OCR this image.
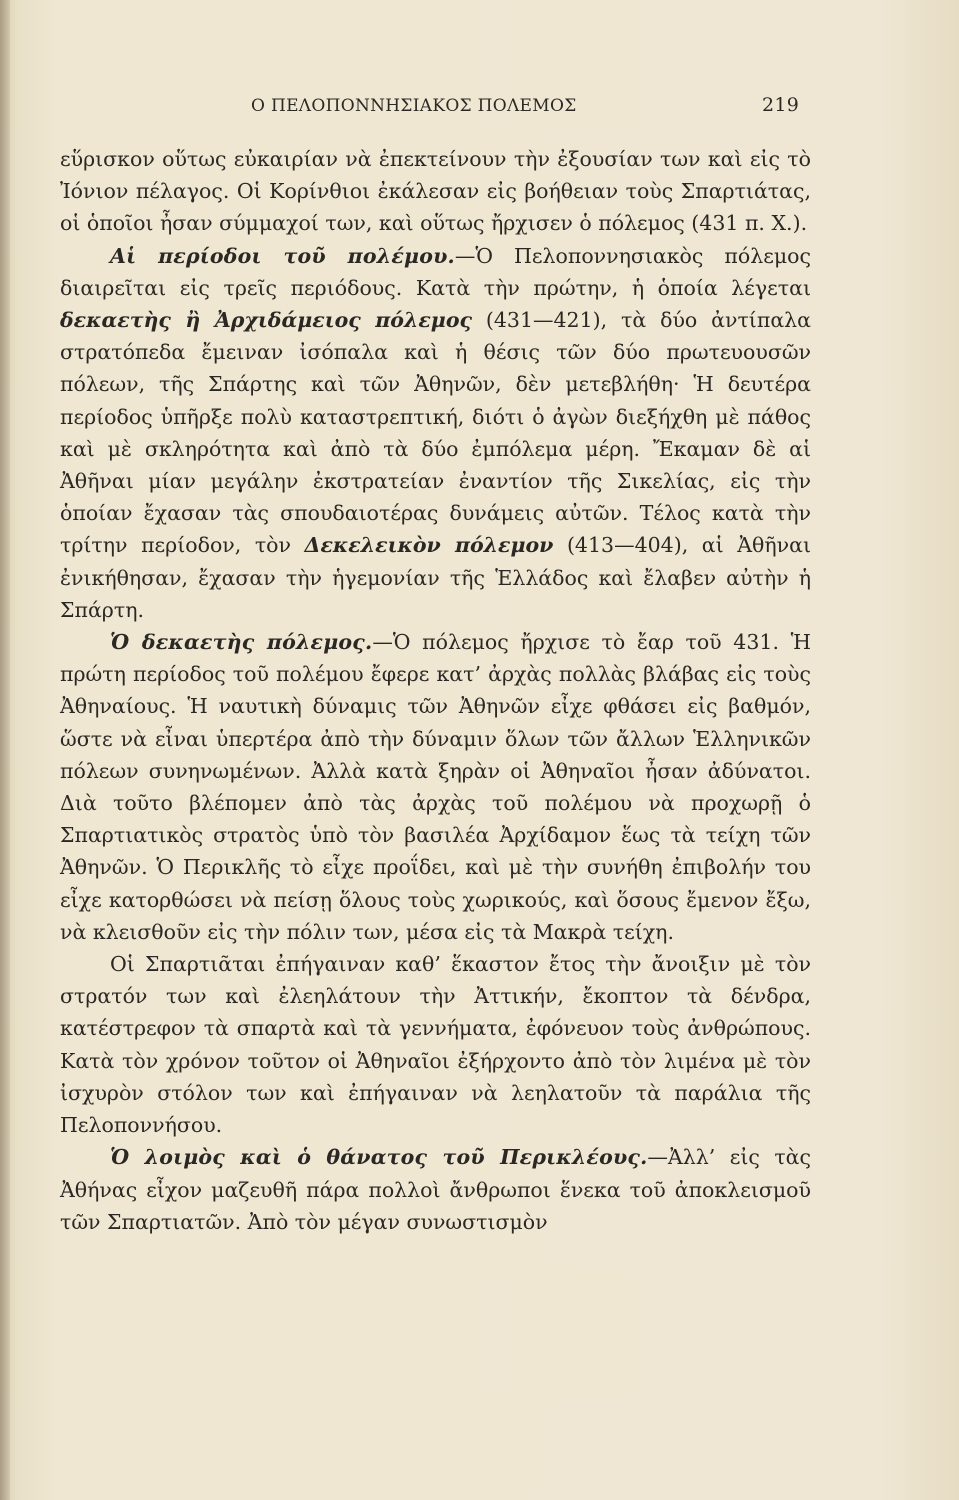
Ο ΠΕΛΟΠΟΝΝΗΣΙΑΚΟΣ ΠΟΛΕΜΟΣ	219

εὕρισκον οὕτως εὐκαιρίαν νὰ ἐπεκτείνουν τὴν ἐξουσίαν των καὶ εἰς τὸ Ἰόνιον πέλαγος. Οἱ Κορίνθιοι ἐκάλεσαν εἰς βοήθειαν τοὺς Σπαρτιάτας, οἱ ὁποῖοι ἦσαν σύμμαχοί των, καὶ οὕτως ἤρχισεν ὁ πόλεμος (431 π. Χ.).

Αἱ περίοδοι τοῦ πολέμου.—Ὁ Πελοποννησιακὸς πόλεμος διαιρεῖται εἰς τρεῖς περιόδους. Κατὰ τὴν πρώτην, ἡ ὁποία λέγεται δεκαετὴς ἢ Ἀρχιδάμειος πόλεμος (431—421), τὰ δύο ἀντίπαλα στρατόπεδα ἔμειναν ἰσόπαλα καὶ ἡ θέσις τῶν δύο πρωτευουσῶν πόλεων, τῆς Σπάρτης καὶ τῶν Ἀθηνῶν, δὲν μετεβλήθη· Ἡ δευτέρα περίοδος ὑπῆρξε πολὺ καταστρεπτική, διότι ὁ ἀγὼν διεξήχθη μὲ πάθος καὶ μὲ σκληρότητα καὶ ἀπὸ τὰ δύο ἐμπόλεμα μέρη. Ἔκαμαν δὲ αἱ Ἀθῆναι μίαν μεγάλην ἐκστρατείαν ἐναντίον τῆς Σικελίας, εἰς τὴν ὁποίαν ἔχασαν τὰς σπουδαιοτέρας δυνάμεις αὐτῶν. Τέλος κατὰ τὴν τρίτην περίοδον, τὸν Δεκελεικὸν πόλεμον (413—404), αἱ Ἀθῆναι ἐνικήθησαν, ἔχασαν τὴν ἡγεμονίαν τῆς Ἑλλάδος καὶ ἔλαβεν αὐτὴν ἡ Σπάρτη.

Ὁ δεκαετὴς πόλεμος.—Ὁ πόλεμος ἤρχισε τὸ ἔαρ τοῦ 431. Ἡ πρώτη περίοδος τοῦ πολέμου ἔφερε κατ’ ἀρχὰς πολλὰς βλάβας εἰς τοὺς Ἀθηναίους. Ἡ ναυτικὴ δύναμις τῶν Ἀθηνῶν εἶχε φθάσει εἰς βαθμόν, ὥστε νὰ εἶναι ὑπερτέρα ἀπὸ τὴν δύναμιν ὅλων τῶν ἄλλων Ἑλληνικῶν πόλεων συνηνωμένων. Ἀλλὰ κατὰ ξηρὰν οἱ Ἀθηναῖοι ἦσαν ἀδύνατοι. Διὰ τοῦτο βλέπομεν ἀπὸ τὰς ἀρχὰς τοῦ πολέμου νὰ προχωρῇ ὁ Σπαρτιατικὸς στρατὸς ὑπὸ τὸν βασιλέα Ἀρχίδαμον ἕως τὰ τείχη τῶν Ἀθηνῶν. Ὁ Περικλῆς τὸ εἶχε προΐδει, καὶ μὲ τὴν συνήθη ἐπιβολήν του εἶχε κατορθώσει νὰ πείσῃ ὅλους τοὺς χωρικούς, καὶ ὅσους ἔμενον ἔξω, νὰ κλεισθοῦν εἰς τὴν πόλιν των, μέσα εἰς τὰ Μακρὰ τείχη.

Οἱ Σπαρτιᾶται ἐπήγαιναν καθ’ ἕκαστον ἔτος τὴν ἄνοιξιν μὲ τὸν στρατόν των καὶ ἐλεηλάτουν τὴν Ἀττικήν, ἔκοπτον τὰ δένδρα, κατέστρεφον τὰ σπαρτὰ καὶ τὰ γεννήματα, ἐφόνευον τοὺς ἀνθρώπους. Κατὰ τὸν χρόνον τοῦτον οἱ Ἀθηναῖοι ἐξήρχοντο ἀπὸ τὸν λιμένα μὲ τὸν ἰσχυρὸν στόλον των καὶ ἐπήγαιναν νὰ λεηλατοῦν τὰ παράλια τῆς Πελοποννήσου.

Ὁ λοιμὸς καὶ ὁ θάνατος τοῦ Περικλέους.—Ἀλλ’ εἰς τὰς Ἀθήνας εἶχον μαζευθῆ πάρα πολλοὶ ἄνθρωποι ἕνεκα τοῦ ἀποκλεισμοῦ τῶν Σπαρτιατῶν. Ἀπὸ τὸν μέγαν συνωστισμὸν
